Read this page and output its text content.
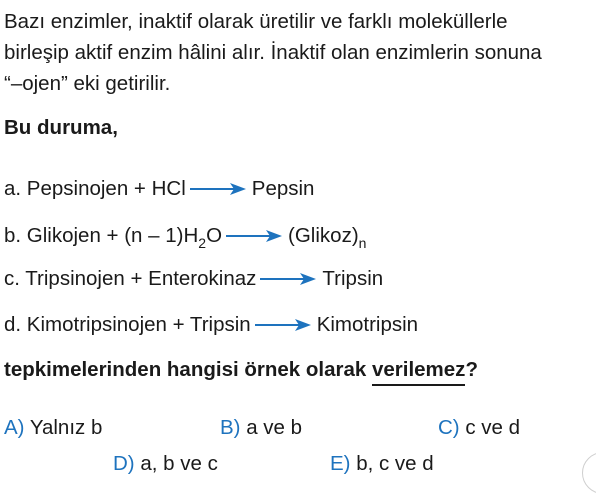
Bazı enzimler, inaktif olarak üretilir ve farklı moleküllerle
birleşip aktif enzim hâlini alır. İnaktif olan enzimlerin sonuna
“–ojen” eki getirilir.
Bu duruma,
a. Pepsinojen + HCl	Pepsin
b. Glikojen + $(n - 1)H_2O$	$(Glikoz)_n$
c. Tripsinojen + Enterokinaz	Tripsin
d. Kimotripsinojen + Tripsin	Kimotripsin
tepkimelerinden hangisi örnek olarak verilemez?
A) Yalnız b	B) a ve b	C) c ve d
D) a, b ve c	E) b, c ve d
